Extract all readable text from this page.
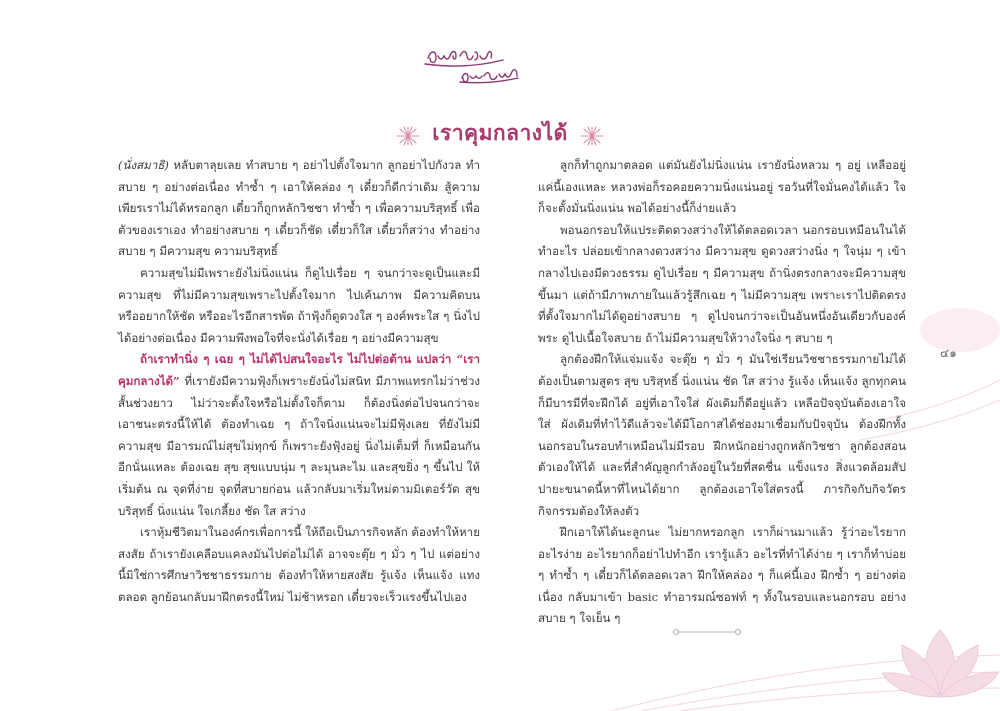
เราคุมกลางได้

(นั่งสมาธิ) หลับตาลุยเลย ทำสบาย ๆ อย่าไปตั้งใจมาก ลูกอย่าไปกังวล ทำสบาย ๆ อย่างต่อเนื่อง ทำซ้ำ ๆ เอาให้คล่อง ๆ เดี๋ยวก็ดีกว่าเดิม สู้ความเพียรเราไม่ได้หรอกลูก เดี๋ยวก็ถูกหลักวิชชา ทำซ้ำ ๆ เพื่อความบริสุทธิ์ เพื่อตัวของเราเอง ทำอย่างสบาย ๆ เดี๋ยวก็ชัด เดี๋ยวก็ใส เดี๋ยวก็สว่าง ทำอย่างสบาย ๆ มีความสุข ความบริสุทธิ์

ความสุขไม่มีเพราะยังไม่นิ่งแน่น ก็ดูไปเรื่อย ๆ จนกว่าจะดูเป็นและมีความสุข ที่ไม่มีความสุขเพราะไปตั้งใจมาก ไปเค้นภาพ มีความคิดบน หรืออยากให้ชัด หรืออะไรอีกสารพัด ถ้าฟุ้งก็ดูดวงใส ๆ องค์พระใส ๆ นิ่งไปได้อย่างต่อเนื่อง มีความพึงพอใจที่จะนั่งได้เรื่อย ๆ อย่างมีความสุข

ถ้าเราทำนิ่ง ๆ เฉย ๆ ไม่ได้ไปสนใจอะไร ไม่ไปต่อต้าน แปลว่า “เราคุมกลางได้” ที่เรายังมีความฟุ้งก็เพราะยังนิ่งไม่สนิท มีภาพแทรกไม่ว่าช่วงสั้นช่วงยาว ไม่ว่าจะตั้งใจหรือไม่ตั้งใจก็ตาม ก็ต้องนิ่งต่อไปจนกว่าจะเอาชนะตรงนี้ให้ได้ ต้องทำเฉย ๆ ถ้าใจนิ่งแน่นจะไม่มีฟุ้งเลย ที่ยังไม่มีความสุข มีอารมณ์ไม่สุขไม่ทุกข์ ก็เพราะยังฟุ้งอยู่ นิ่งไม่เต็มที่ ก็เหมือนกันอีกนั่นแหละ ต้องเฉย สุข สุขแบบนุ่ม ๆ ละมุนละไม และสุขยิ่ง ๆ ขึ้นไป ให้เริ่มต้น ณ จุดที่ง่าย จุดที่สบายก่อน แล้วกลับมาเริ่มใหม่ตามมิเตอร์วัด สุข บริสุทธิ์ นิ่งแน่น ใจเกลี้ยง ชัด ใส สว่าง

เราหุ้มชีวิตมาในองค์กรเพื่อการนี้ ให้ถือเป็นภารกิจหลัก ต้องทำให้หายสงสัย ถ้าเรายังเคลือบแคลงมันไปต่อไม่ได้ อาจจะตุ๊ย ๆ มั่ว ๆ ไป แต่อย่างนี้มิใช่การศึกษาวิชชาธรรมกาย ต้องทำให้หายสงสัย รู้แจ้ง เห็นแจ้ง แทงตลอด ลูกย้อนกลับมาฝึกตรงนี้ใหม่ ไม่ช้าหรอก เดี๋ยวจะเร็วแรงขึ้นไปเอง

ลูกก็ทำถูกมาตลอด แต่มันยังไม่นิ่งแน่น เรายังนิ่งหลวม ๆ อยู่ เหลืออยู่แค่นี้เองแหละ หลวงพ่อก็รอคอยความนิ่งแน่นอยู่ รอวันที่ใจมั่นคงได้แล้ว ใจก็จะตั้งมั่นนิ่งแน่น พอได้อย่างนี้ก็ง่ายแล้ว

พอนอกรอบให้แประติดดวงสว่างให้ได้ตลอดเวลา นอกรอบเหมือนในได้ทำอะไร ปล่อยเข้ากลางดวงสว่าง มีความสุข ดูดวงสว่างนิ่ง ๆ ใจนุ่ม ๆ เข้ากลางไปเองมีดวงธรรม ดูไปเรื่อย ๆ มีความสุข ถ้านิ่งตรงกลางจะมีความสุขขึ้นมา แต่ถ้ามีภาพภายในแล้วรู้สึกเฉย ๆ ไม่มีความสุข เพราะเราไปติดตรงที่ตั้งใจมากไม่ได้ดูอย่างสบาย ๆ ดูไปจนกว่าจะเป็นอันหนึ่งอันเดียวกับองค์พระ ดูไปเนื้อใจสบาย ถ้าไม่มีความสุขให้วางใจนิ่ง ๆ สบาย ๆ

ลูกต้องฝึกให้แจ่มแจ้ง จะตุ๊ย ๆ มั่ว ๆ มันใช่เรียนวิชชาธรรมกายไม่ได้ ต้องเป็นตามสูตร สุข บริสุทธิ์ นิ่งแน่น ชัด ใส สว่าง รู้แจ้ง เห็นแจ้ง ลูกทุกคนก็มีบารมีที่จะฝึกได้ อยู่ที่เอาใจใส่ ผังเดิมก็ดีอยู่แล้ว เหลือปัจจุบันต้องเอาใจใส่ ผังเดิมที่ทำไว้ดีแล้วจะได้มีโอกาสได้ช่องมาเชื่อมกับปัจจุบัน ต้องฝึกทั้งนอกรอบในรอบทำเหมือนไม่มีรอบ ฝึกหนักอย่างถูกหลักวิชชา ลูกต้องสอนตัวเองให้ได้ และที่สำคัญลูกกำลังอยู่ในวัยที่สดชื่น แข็งแรง สิ่งแวดล้อมสัปปายะขนาดนี้หาที่ไหนได้ยาก ลูกต้องเอาใจใส่ตรงนี้ ภารกิจกับกิจวัตรกิจกรรมต้องให้ลงตัว

ฝึกเอาให้ได้นะลูกนะ ไม่ยากหรอกลูก เราก็ผ่านมาแล้ว รู้ว่าอะไรยาก อะไรง่าย อะไรยากก็อย่าไปทำอีก เรารู้แล้ว อะไรที่ทำได้ง่าย ๆ เราก็ทำบ่อย ๆ ทำซ้ำ ๆ เดี๋ยวก็ได้ตลอดเวลา ฝึกให้คล่อง ๆ ก็แค่นี้เอง ฝึกซ้ำ ๆ อย่างต่อเนื่อง กลับมาเข้า basic ทำอารมณ์ซอฟท์ ๆ ทั้งในรอบและนอกรอบ อย่างสบาย ๆ ใจเย็น ๆ

๔๑
